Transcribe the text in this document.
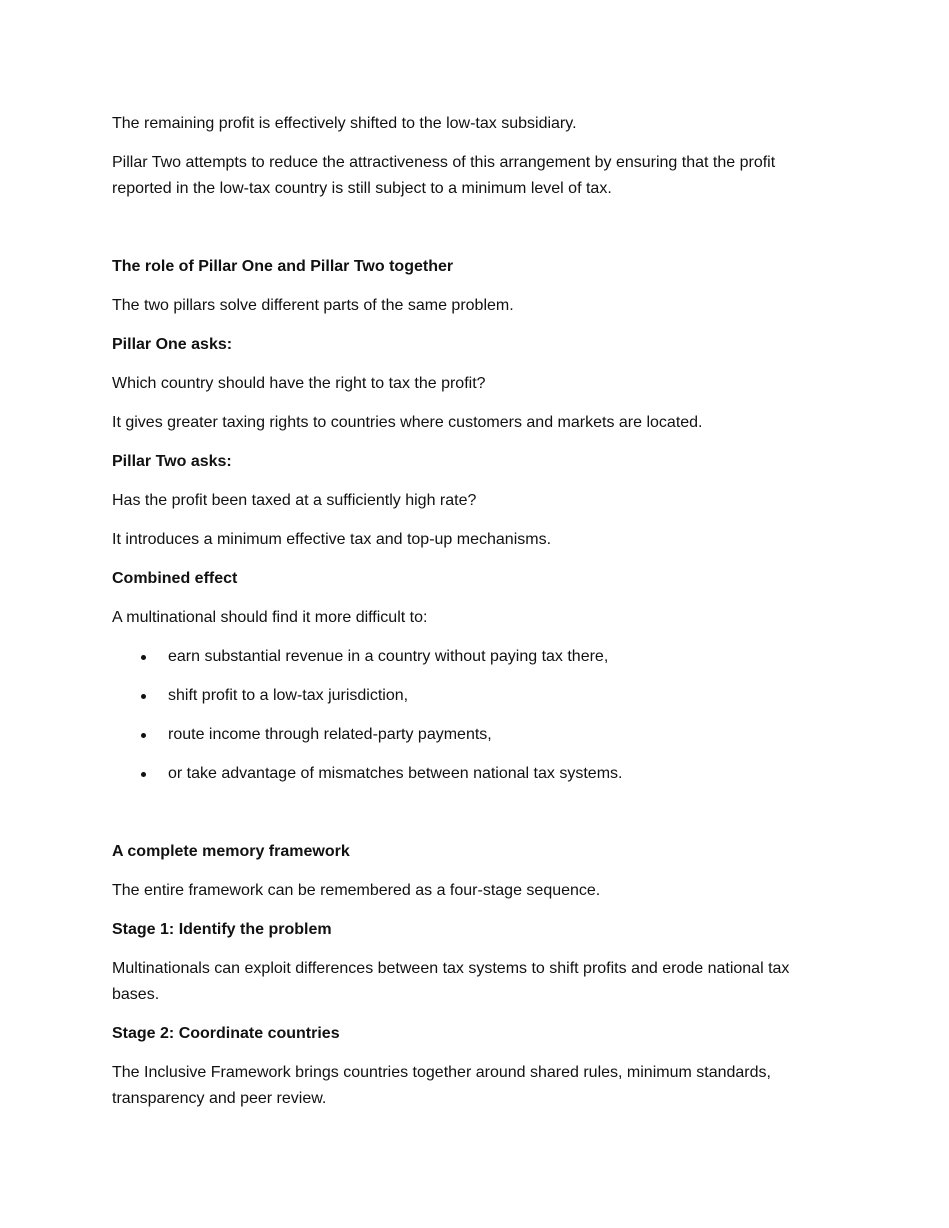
The remaining profit is effectively shifted to the low-tax subsidiary.

Pillar Two attempts to reduce the attractiveness of this arrangement by ensuring that the profit reported in the low-tax country is still subject to a minimum level of tax.

The role of Pillar One and Pillar Two together

The two pillars solve different parts of the same problem.

Pillar One asks:

Which country should have the right to tax the profit?

It gives greater taxing rights to countries where customers and markets are located.

Pillar Two asks:

Has the profit been taxed at a sufficiently high rate?

It introduces a minimum effective tax and top-up mechanisms.

Combined effect

A multinational should find it more difficult to:

earn substantial revenue in a country without paying tax there,
shift profit to a low-tax jurisdiction,
route income through related-party payments,
or take advantage of mismatches between national tax systems.

A complete memory framework

The entire framework can be remembered as a four-stage sequence.

Stage 1: Identify the problem

Multinationals can exploit differences between tax systems to shift profits and erode national tax bases.

Stage 2: Coordinate countries

The Inclusive Framework brings countries together around shared rules, minimum standards, transparency and peer review.
